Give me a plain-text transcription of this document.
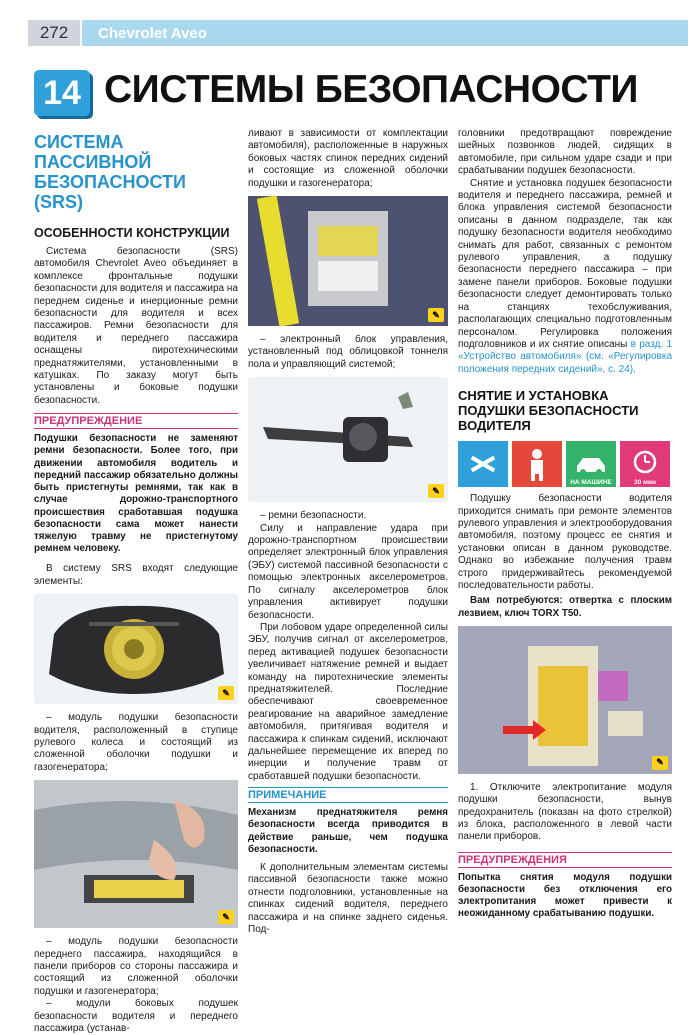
272	Chevrolet Aveo
14 СИСТЕМЫ БЕЗОПАСНОСТИ
СИСТЕМА ПАССИВНОЙ БЕЗОПАСНОСТИ (SRS)
ОСОБЕННОСТИ КОНСТРУКЦИИ

Система безопасности (SRS) автомобиля Chevrolet Aveo объединяет в комплексе фронтальные подушки безопасности для водителя и пассажира на переднем сиденье и инерционные ремни безопасности для водителя и всех пассажиров. Ремни безопасности для водителя и переднего пассажира оснащены пиротехническими преднатяжителями, установленными в катушках. По заказу могут быть установлены и боковые подушки безопасности.

ПРЕДУПРЕЖДЕНИЕ
Подушки безопасности не заменяют ремни безопасности. Более того, при движении автомобиля водитель и передний пассажир обязательно должны быть пристегнуты ремнями, так как в случае дорожно-транспортного происшествия сработавшая подушка безопасности сама может нанести тяжелую травму не пристегнутому ремнем человеку.

В систему SRS входят следующие элементы:

✎

– модуль подушки безопасности водителя, расположенный в ступице рулевого колеса и состоящий из сложенной оболочки подушки и газогенератора;

✎

– модуль подушки безопасности переднего пассажира, находящийся в панели приборов со стороны пассажира и состоящий из сложенной оболочки подушки и газогенератора;

– модули боковых подушек безопасности водителя и переднего пассажира (устанав-

ливают в зависимости от комплектации автомобиля), расположенные в наружных боковых частях спинок передних сидений и состоящие из сложенной оболочки подушки и газогенератора;

✎

– электронный блок управления, установленный под облицовкой тоннеля пола и управляющий системой;

✎

– ремни безопасности.

Силу и направление удара при дорожно-транспортном происшествии определяет электронный блок управления (ЭБУ) системой пассивной безопасности с помощью электронных акселерометров. По сигналу акселерометров блок управления активирует подушки безопасности.

При лобовом ударе определенной силы ЭБУ, получив сигнал от акселерометров, перед активацией подушек безопасности увеличивает натяжение ремней и выдает команду на пиротехнические элементы преднатяжителей. Последние обеспечивают своевременное реагирование на аварийное замедление автомобиля, притягивая водителя и пассажира к спинкам сидений, исключают дальнейшее перемещение их вперед по инерции и получение травм от сработавшей подушки безопасности.

ПРИМЕЧАНИЕ
Механизм преднатяжителя ремня безопасности всегда приводится в действие раньше, чем подушка безопасности.

К дополнительным элементам системы пассивной безопасности также можно отнести подголовники, установленные на спинках сидений водителя, переднего пассажира и на спинке заднего сиденья. Под-

головники предотвращают повреждение шейных позвонков людей, сидящих в автомобиле, при сильном ударе сзади и при срабатывании подушек безопасности.

Снятие и установка подушек безопасности водителя и переднего пассажира, ремней и блока управления системой безопасности описаны в данном подразделе, так как подушку безопасности водителя необходимо снимать для работ, связанных с ремонтом рулевого управления, а подушку безопасности переднего пассажира – при замене панели приборов. Боковые подушки безопасности следует демонтировать только на станциях техобслуживания, располагающих специально подготовленным персоналом. Регулировка положения подголовников и их снятие описаны в разд. 1 «Устройство автомобиля» (см. «Регулировка положения передних сидений», с. 24).

СНЯТИЕ И УСТАНОВКА ПОДУШКИ БЕЗОПАСНОСТИ ВОДИТЕЛЯ
НА МАШИНЕ	30 мин

Подушку безопасности водителя приходится снимать при ремонте элементов рулевого управления и электрооборудования автомобиля, поэтому процесс ее снятия и установки описан в данном руководстве. Однако во избежание получения травм строго придерживайтесь рекомендуемой последовательности работы.

Вам потребуются: отвертка с плоским лезвием, ключ TORX T50.
✎

1. Отключите электропитание модуля подушки безопасности, вынув предохранитель (показан на фото стрелкой) из блока, расположенного в левой части панели приборов.

ПРЕДУПРЕЖДЕНИЯ
Попытка снятия модуля подушки безопасности без отключения его электропитания может привести к неожиданному срабатыванию подушки.
